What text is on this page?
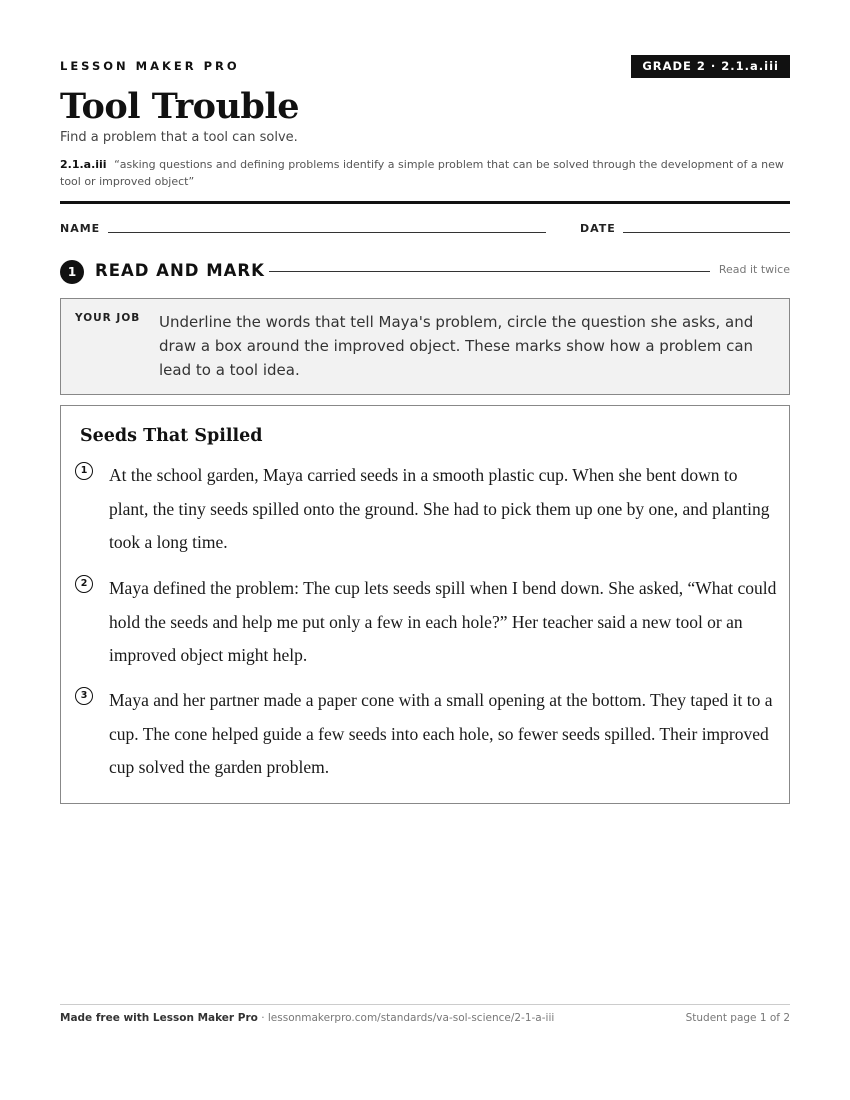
LESSON MAKER PRO	GRADE 2 · 2.1.a.iii
Tool Trouble
Find a problem that a tool can solve.
2.1.a.iii “asking questions and defining problems identify a simple problem that can be solved through the development of a new tool or improved object”
NAME	DATE
1	READ AND MARK	Read it twice
YOUR JOB Underline the words that tell Maya's problem, circle the question she asks, and draw a box around the improved object. These marks show how a problem can lead to a tool idea.
Seeds That Spilled
1	At the school garden, Maya carried seeds in a smooth plastic cup. When she bent down to plant, the tiny seeds spilled onto the ground. She had to pick them up one by one, and planting took a long time.
2	Maya defined the problem: The cup lets seeds spill when I bend down. She asked, “What could hold the seeds and help me put only a few in each hole?” Her teacher said a new tool or an improved object might help.
3	Maya and her partner made a paper cone with a small opening at the bottom. They taped it to a cup. The cone helped guide a few seeds into each hole, so fewer seeds spilled. Their improved cup solved the garden problem.
Made free with Lesson Maker Pro · lessonmakerpro.com/standards/va-sol-science/2-1-a-iii	Student page 1 of 2
